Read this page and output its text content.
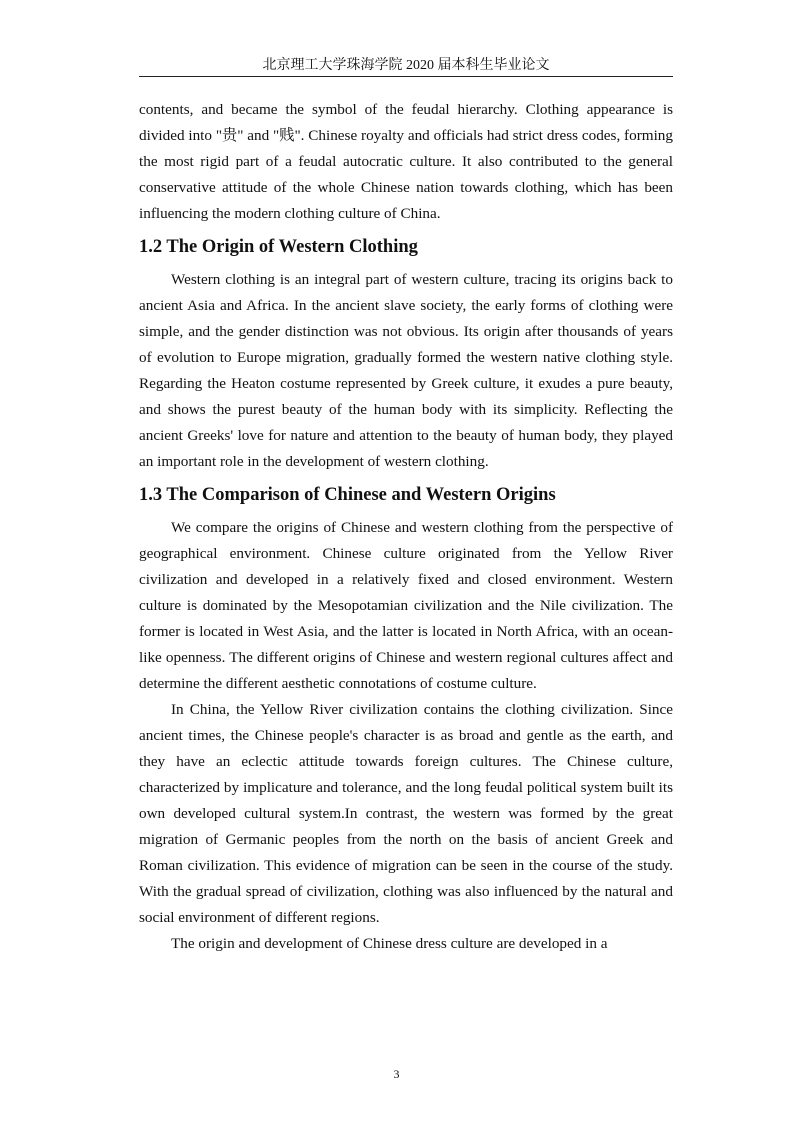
北京理工大学珠海学院 2020 届本科生毕业论文

contents, and became the symbol of the feudal hierarchy. Clothing appearance is divided into "贵" and "贱". Chinese royalty and officials had strict dress codes, forming the most rigid part of a feudal autocratic culture. It also contributed to the general conservative attitude of the whole Chinese nation towards clothing, which has been influencing the modern clothing culture of China.

1.2 The Origin of Western Clothing

Western clothing is an integral part of western culture, tracing its origins back to ancient Asia and Africa. In the ancient slave society, the early forms of clothing were simple, and the gender distinction was not obvious. Its origin after thousands of years of evolution to Europe migration, gradually formed the western native clothing style. Regarding the Heaton costume represented by Greek culture, it exudes a pure beauty, and shows the purest beauty of the human body with its simplicity. Reflecting the ancient Greeks' love for nature and attention to the beauty of human body, they played an important role in the development of western clothing.

1.3 The Comparison of Chinese and Western Origins

We compare the origins of Chinese and western clothing from the perspective of geographical environment. Chinese culture originated from the Yellow River civilization and developed in a relatively fixed and closed environment. Western culture is dominated by the Mesopotamian civilization and the Nile civilization. The former is located in West Asia, and the latter is located in North Africa, with an ocean-like openness. The different origins of Chinese and western regional cultures affect and determine the different aesthetic connotations of costume culture.

In China, the Yellow River civilization contains the clothing civilization. Since ancient times, the Chinese people's character is as broad and gentle as the earth, and they have an eclectic attitude towards foreign cultures. The Chinese culture, characterized by implicature and tolerance, and the long feudal political system built its own developed cultural system.In contrast, the western was formed by the great migration of Germanic peoples from the north on the basis of ancient Greek and Roman civilization. This evidence of migration can be seen in the course of the study. With the gradual spread of civilization, clothing was also influenced by the natural and social environment of different regions.

The origin and development of Chinese dress culture are developed in a

3
